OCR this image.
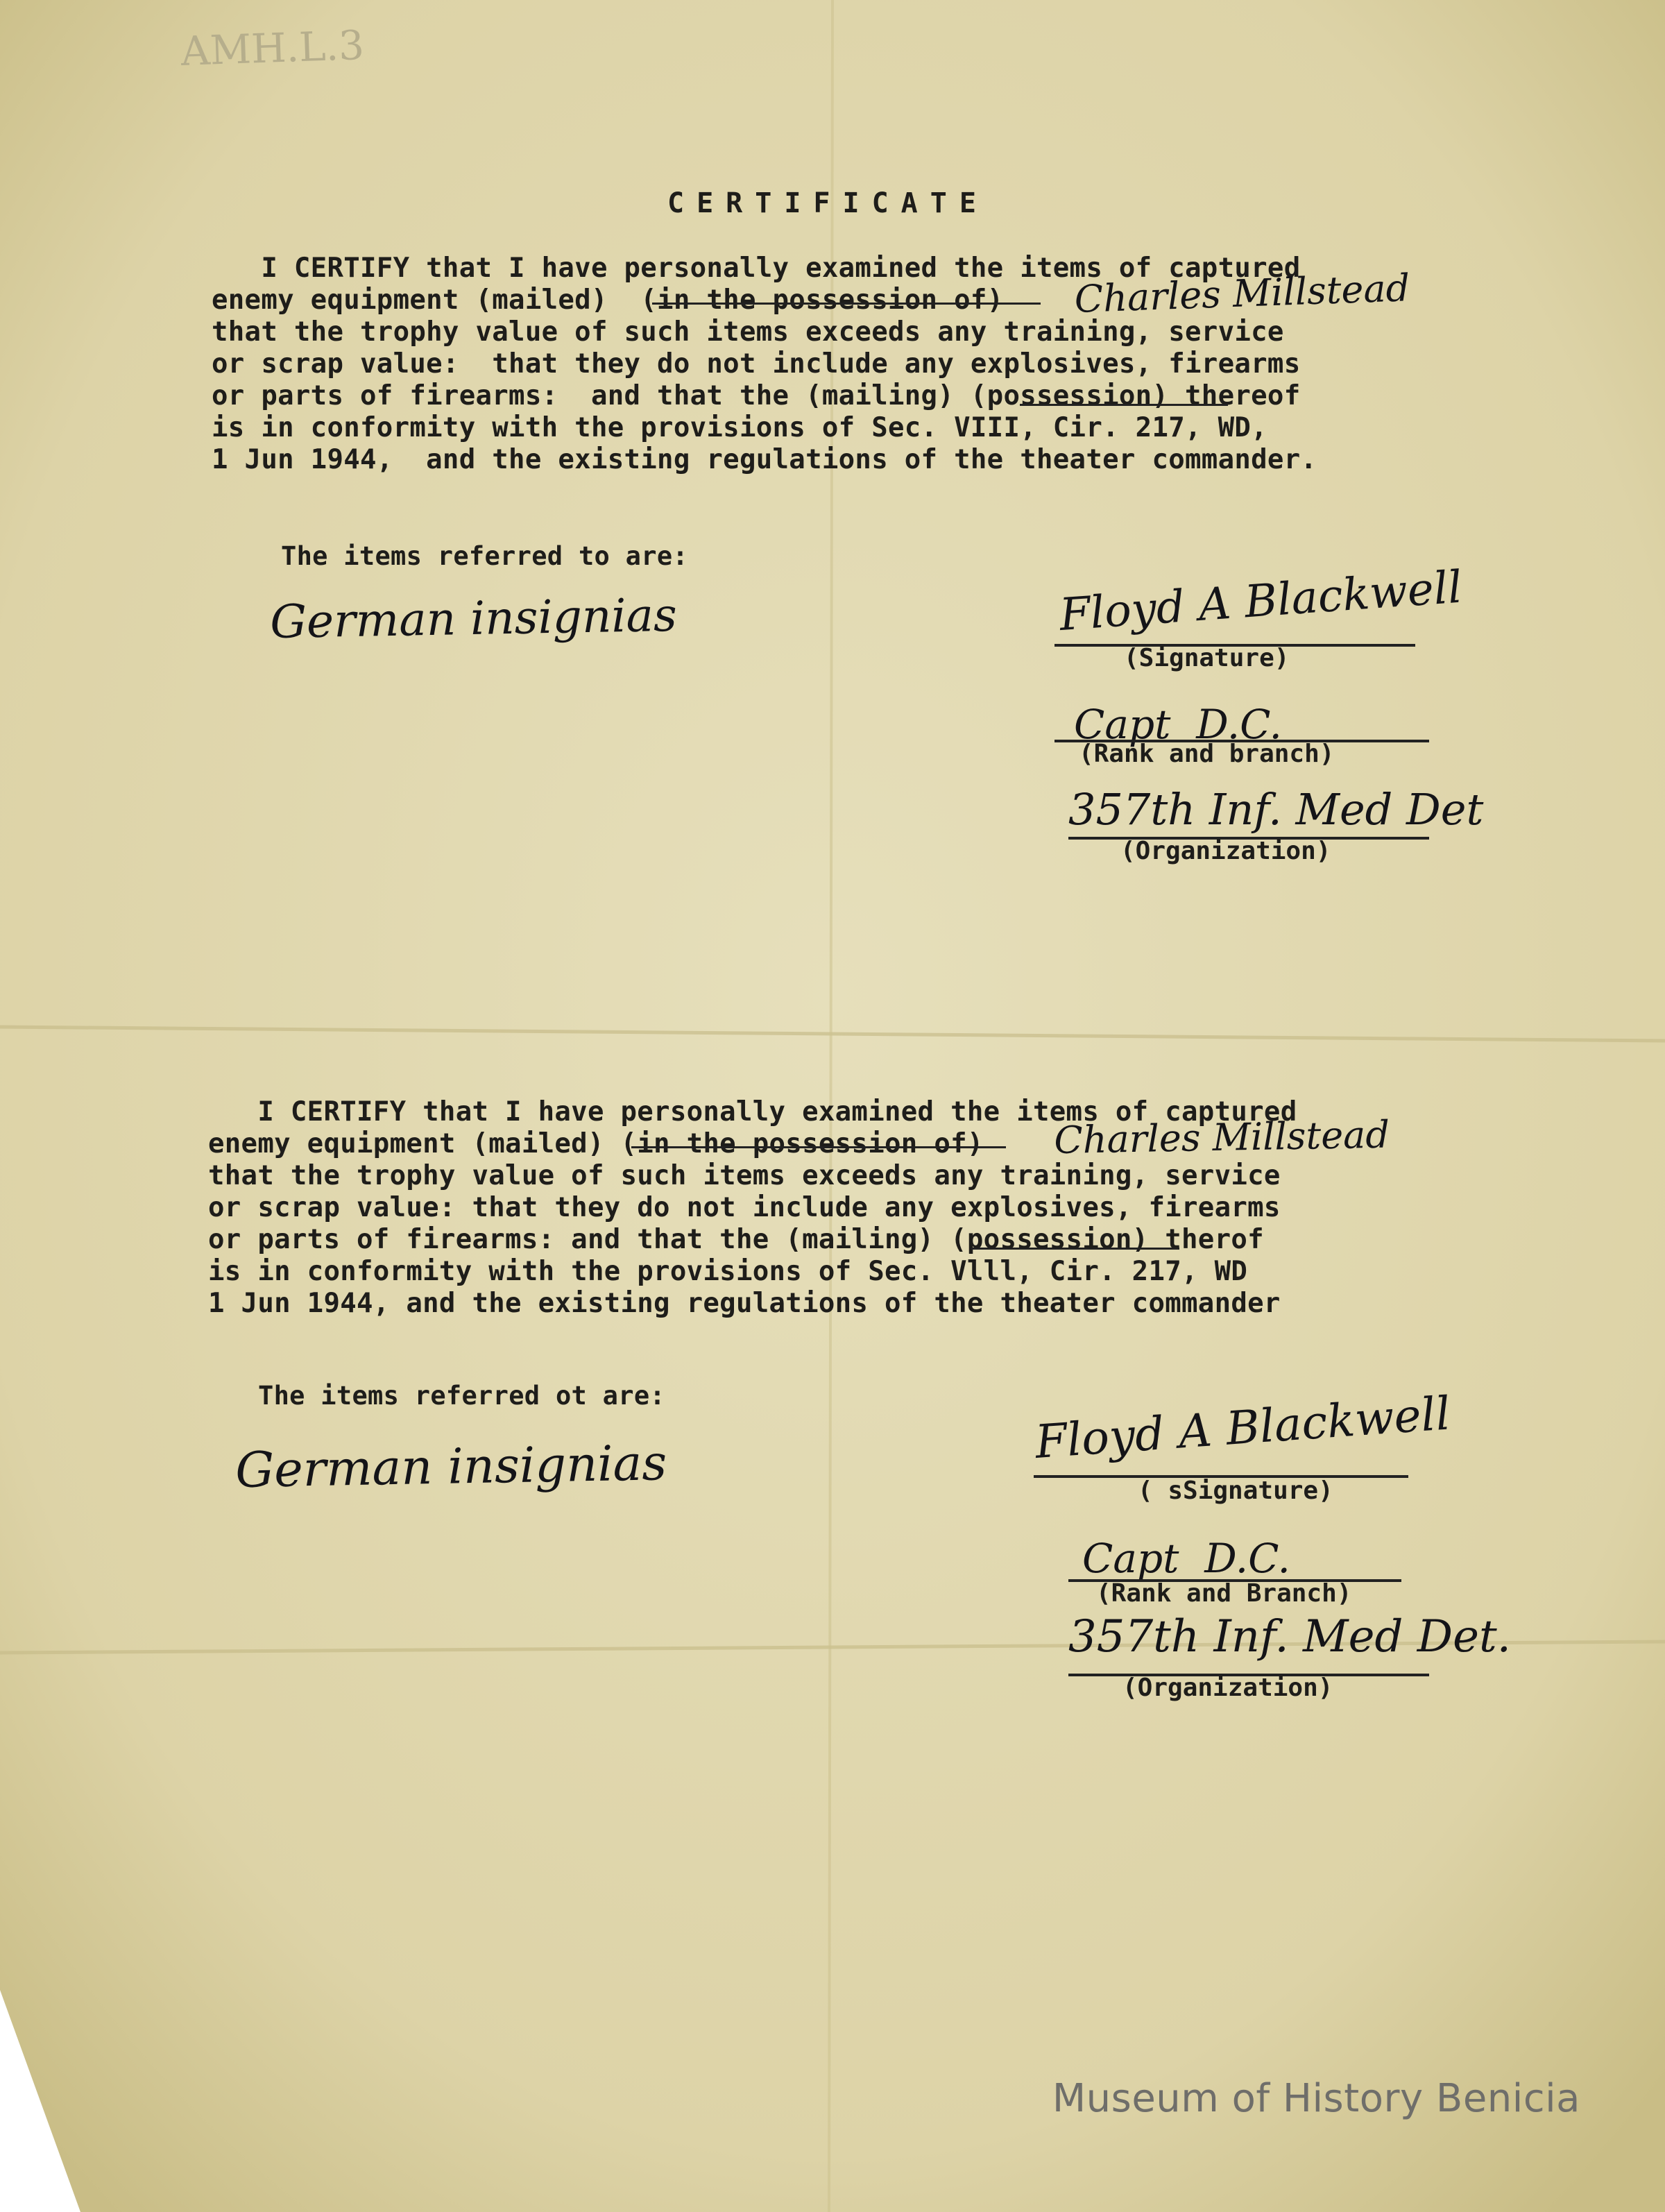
AMH.L.3
CERTIFICATE

I CERTIFY that I have personally examined the items of captured

enemy equipment (mailed)  (in the possession of)

that the trophy value of such items exceeds any training, service

or scrap value:  that they do not include any explosives, firearms

or parts of firearms:  and that the (mailing) (possession) thereof

is in conformity with the provisions of Sec. VIII, Cir. 217, WD,

1 Jun 1944,  and the existing regulations of the theater commander.

Charles Millstead
The items referred to are:
German insignias	Floyd A Blackwell
(Signature)
Capt  D.C.
(Rank and branch)
357th Inf. Med Det
(Organization)

I CERTIFY that I have personally examined the items of captured

enemy equipment (mailed) (in the possession of)

that the trophy value of such items exceeds any training, service

or scrap value: that they do not include any explosives, firearms

or parts of firearms: and that the (mailing) (possession) therof

is in conformity with the provisions of Sec. Vlll, Cir. 217, WD

1 Jun 1944, and the existing regulations of the theater commander

Charles Millstead
The items referred ot are:
German insignias	Floyd A Blackwell
( sSignature)
Capt  D.C.
(Rank and Branch)
357th Inf. Med Det.
(Organization)
Museum of History Benicia
